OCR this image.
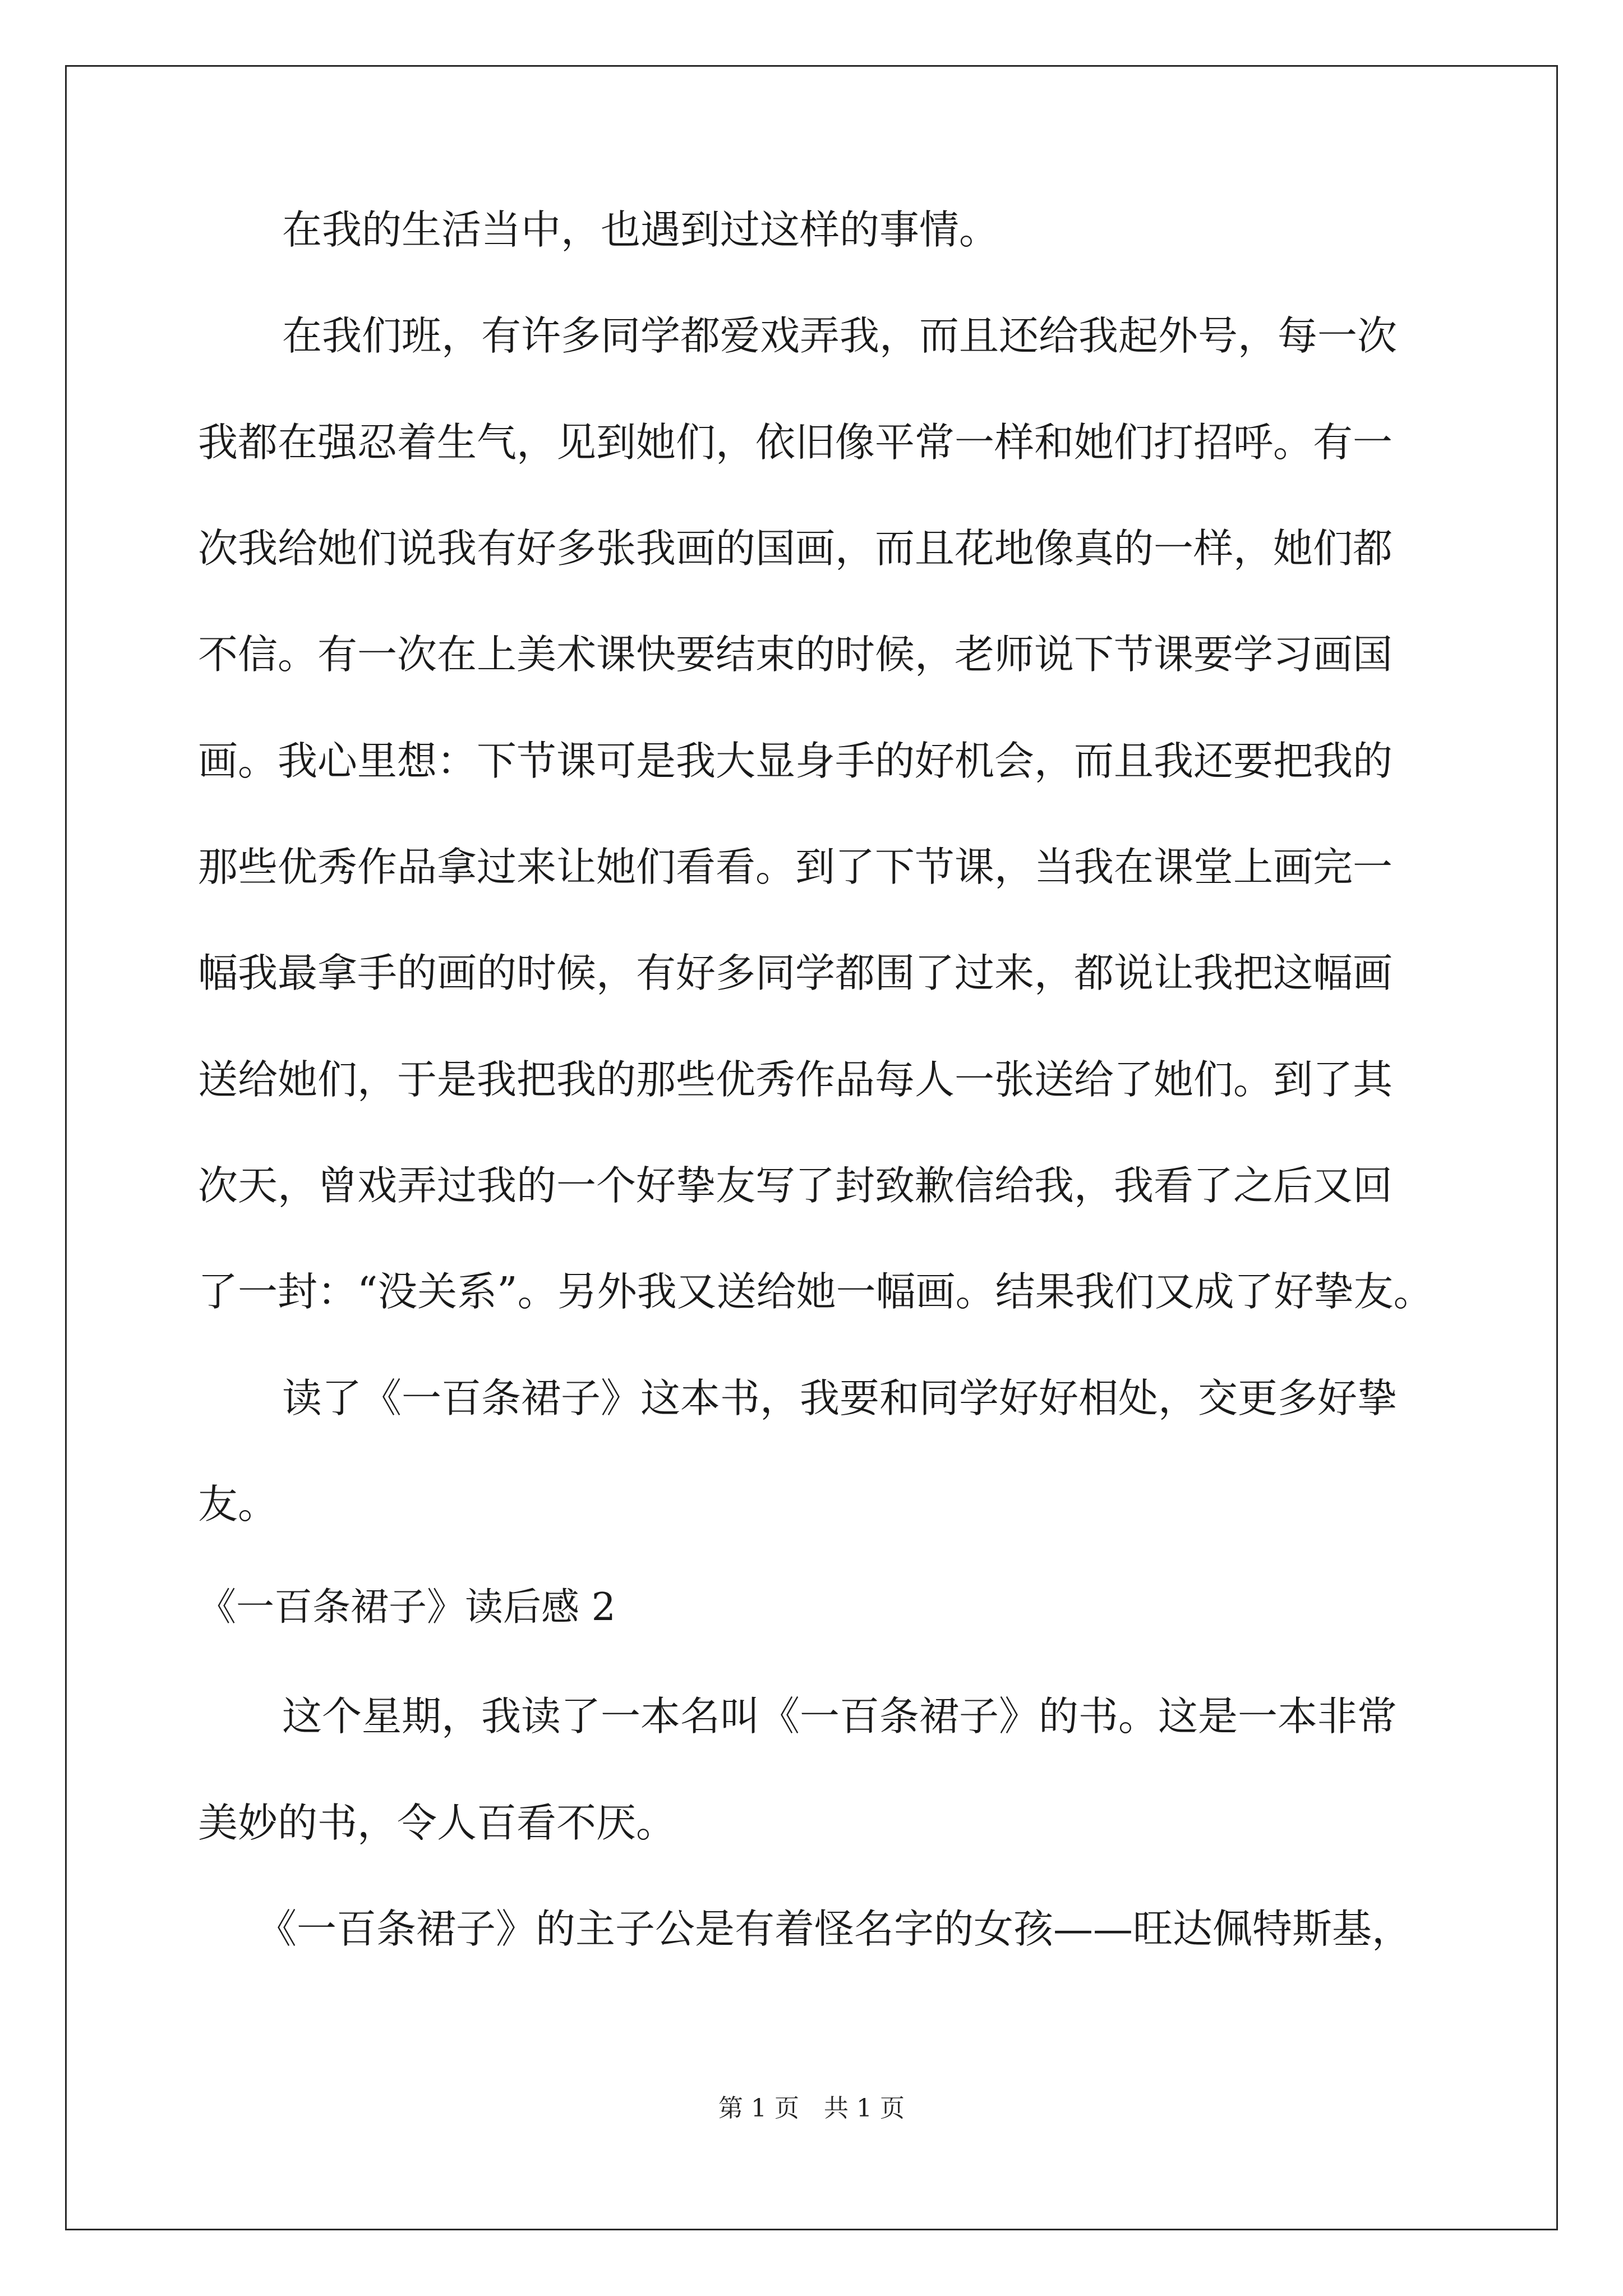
在我的生活当中，也遇到过这样的事情。
在我们班，有许多同学都爱戏弄我，而且还给我起外号，每一次
我都在强忍着生气，见到她们，依旧像平常一样和她们打招呼。有一
次我给她们说我有好多张我画的国画，而且花地像真的一样，她们都
不信。有一次在上美术课快要结束的时候，老师说下节课要学习画国
画。我心里想：下节课可是我大显身手的好机会，而且我还要把我的
那些优秀作品拿过来让她们看看。到了下节课，当我在课堂上画完一
幅我最拿手的画的时候，有好多同学都围了过来，都说让我把这幅画
送给她们，于是我把我的那些优秀作品每人一张送给了她们。到了其
次天，曾戏弄过我的一个好挚友写了封致歉信给我，我看了之后又回
了一封：“没关系”。另外我又送给她一幅画。结果我们又成了好挚友。
读了《一百条裙子》这本书，我要和同学好好相处，交更多好挚
友。
《一百条裙子》读后感 2
这个星期，我读了一本名叫《一百条裙子》的书。这是一本非常
美妙的书，令人百看不厌。
《一百条裙子》的主子公是有着怪名字的女孩——旺达佩特斯基，
第 1 页　共 1 页
